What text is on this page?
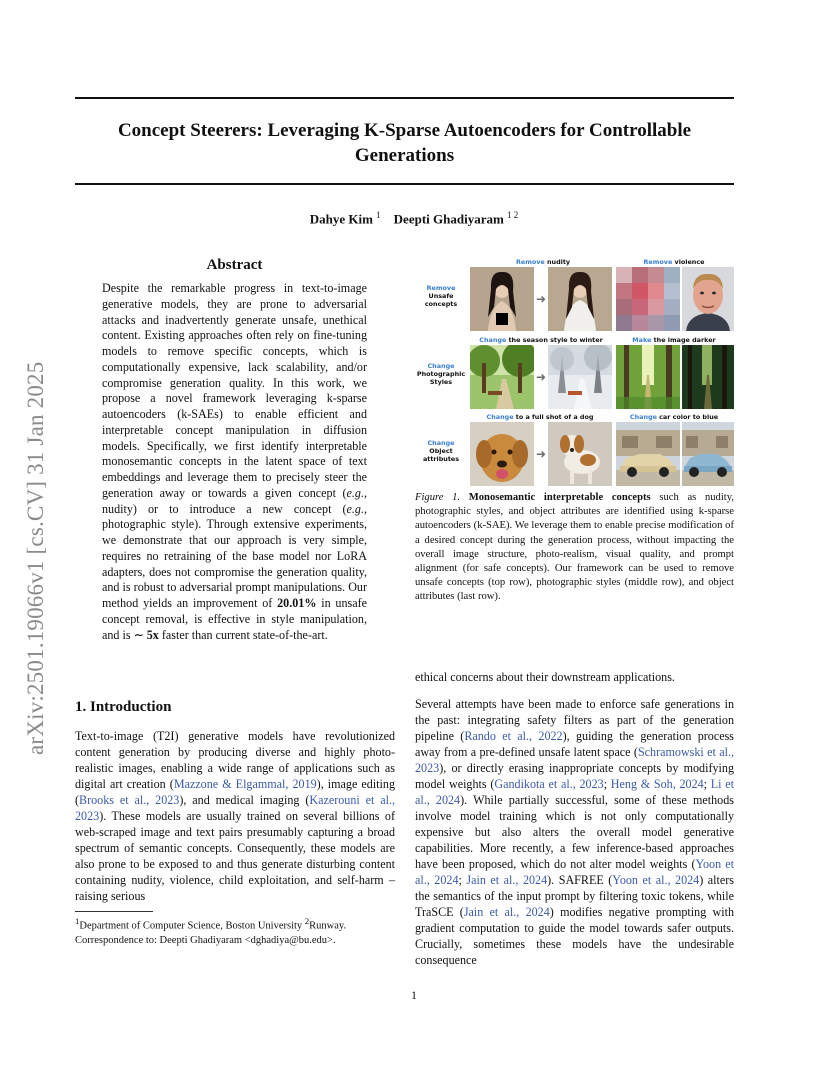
Concept Steerers: Leveraging K-Sparse Autoencoders for Controllable Generations
Dahye Kim $^1$ Deepti Ghadiyaram $^{1 2}$
arXiv:2501.19066v1 [cs.CV] 31 Jan 2025
Abstract

Despite the remarkable progress in text-to-image generative models, they are prone to adversarial attacks and inadvertently generate unsafe, unethical content. Existing approaches often rely on fine-tuning models to remove specific concepts, which is computationally expensive, lack scalability, and/or compromise generation quality. In this work, we propose a novel framework leveraging k-sparse autoencoders (k-SAEs) to enable efficient and interpretable concept manipulation in diffusion models. Specifically, we first identify interpretable monosemantic concepts in the latent space of text embeddings and leverage them to precisely steer the generation away or towards a given concept (e.g., nudity) or to introduce a new concept (e.g., photographic style). Through extensive experiments, we demonstrate that our approach is very simple, requires no retraining of the base model nor LoRA adapters, does not compromise the generation quality, and is robust to adversarial prompt manipulations. Our method yields an improvement of 20.01% in unsafe concept removal, is effective in style manipulation, and is ∼ 5x faster than current state-of-the-art.

Remove
Unsafe concepts
Change
Photographic Styles
Change
Object attributes
Remove nudity	Remove violence
Change the season style to winter	Make the image darker
Change to a full shot of a dog	Change car color to blue
➜
➜
➜

Figure 1. Monosemantic interpretable concepts such as nudity, photographic styles, and object attributes are identified using k-sparse autoencoders (k-SAE). We leverage them to enable precise modification of a desired concept during the generation process, without impacting the overall image structure, photo-realism, visual quality, and prompt alignment (for safe concepts). Our framework can be used to remove unsafe concepts (top row), photographic styles (middle row), and object attributes (last row).

1. Introduction

Text-to-image (T2I) generative models have revolutionized content generation by producing diverse and highly photo-realistic images, enabling a wide range of applications such as digital art creation (Mazzone & Elgammal, 2019), image editing (Brooks et al., 2023), and medical imaging (Kazerouni et al., 2023). These models are usually trained on several billions of web-scraped image and text pairs presumably capturing a broad spectrum of semantic concepts. Consequently, these models are also prone to be exposed to and thus generate disturbing content containing nudity, violence, child exploitation, and self-harm – raising serious

ethical concerns about their downstream applications.

Several attempts have been made to enforce safe generations in the past: integrating safety filters as part of the generation pipeline (Rando et al., 2022), guiding the generation process away from a pre-defined unsafe latent space (Schramowski et al., 2023), or directly erasing inappropriate concepts by modifying model weights (Gandikota et al., 2023; Heng & Soh, 2024; Li et al., 2024). While partially successful, some of these methods involve model training which is not only computationally expensive but also alters the overall model generative capabilities. More recently, a few inference-based approaches have been proposed, which do not alter model weights (Yoon et al., 2024; Jain et al., 2024). SAFREE (Yoon et al., 2024) alters the semantics of the input prompt by filtering toxic tokens, while TraSCE (Jain et al., 2024) modifies negative prompting with gradient computation to guide the model towards safer outputs. Crucially, sometimes these models have the undesirable consequence

$^1$Department of Computer Science, Boston University $^2$Runway. Correspondence to: Deepti Ghadiyaram <dghadiya@bu.edu>.
1
